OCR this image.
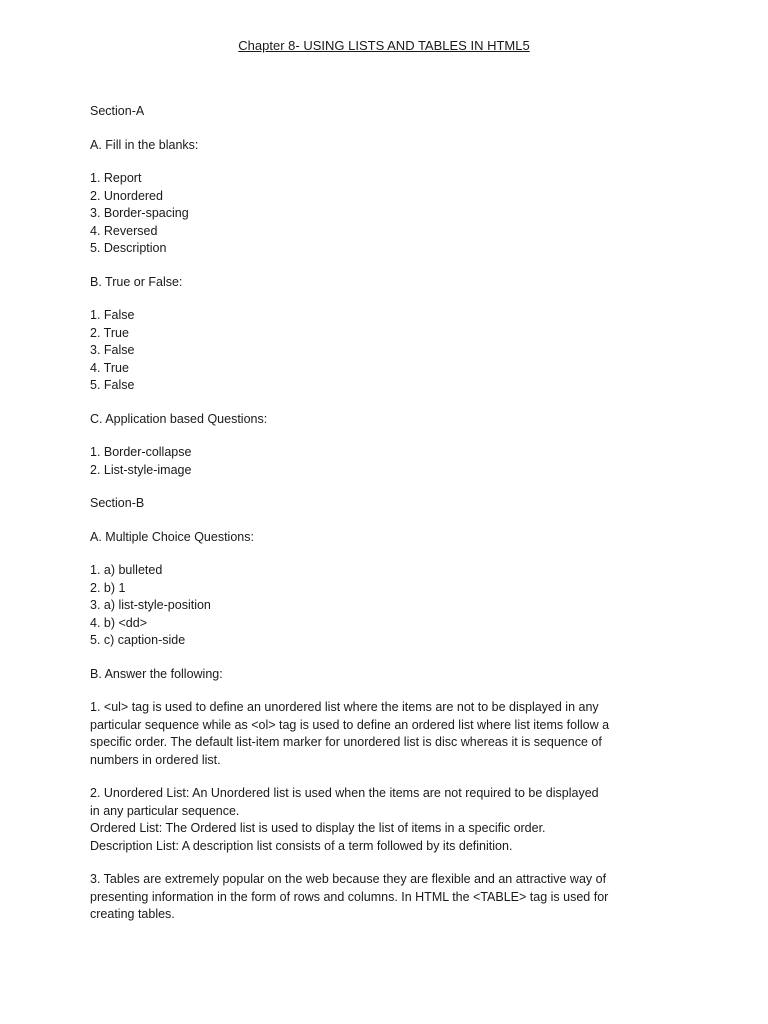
Chapter 8- USING LISTS AND TABLES IN HTML5
Section-A
A. Fill in the blanks:
1. Report
2. Unordered
3. Border-spacing
4. Reversed
5. Description
B. True or False:
1. False
2. True
3. False
4. True
5. False
C. Application based Questions:
1. Border-collapse
2. List-style-image
Section-B
A. Multiple Choice Questions:
1. a) bulleted
2. b) 1
3. a) list-style-position
4. b) <dd>
5. c) caption-side
B. Answer the following:
1. <ul> tag is used to define an unordered list where the items are not to be displayed in any particular sequence while as <ol> tag is used to define an ordered list where list items follow a specific order. The default list-item marker for unordered list is disc whereas it is sequence of numbers in ordered list.
2. Unordered List: An Unordered list is used when the items are not required to be displayed in any particular sequence.
Ordered List: The Ordered list is used to display the list of items in a specific order.
Description List: A description list consists of a term followed by its definition.
3. Tables are extremely popular on the web because they are flexible and an attractive way of presenting information in the form of rows and columns. In HTML the <TABLE> tag is used for creating tables.
